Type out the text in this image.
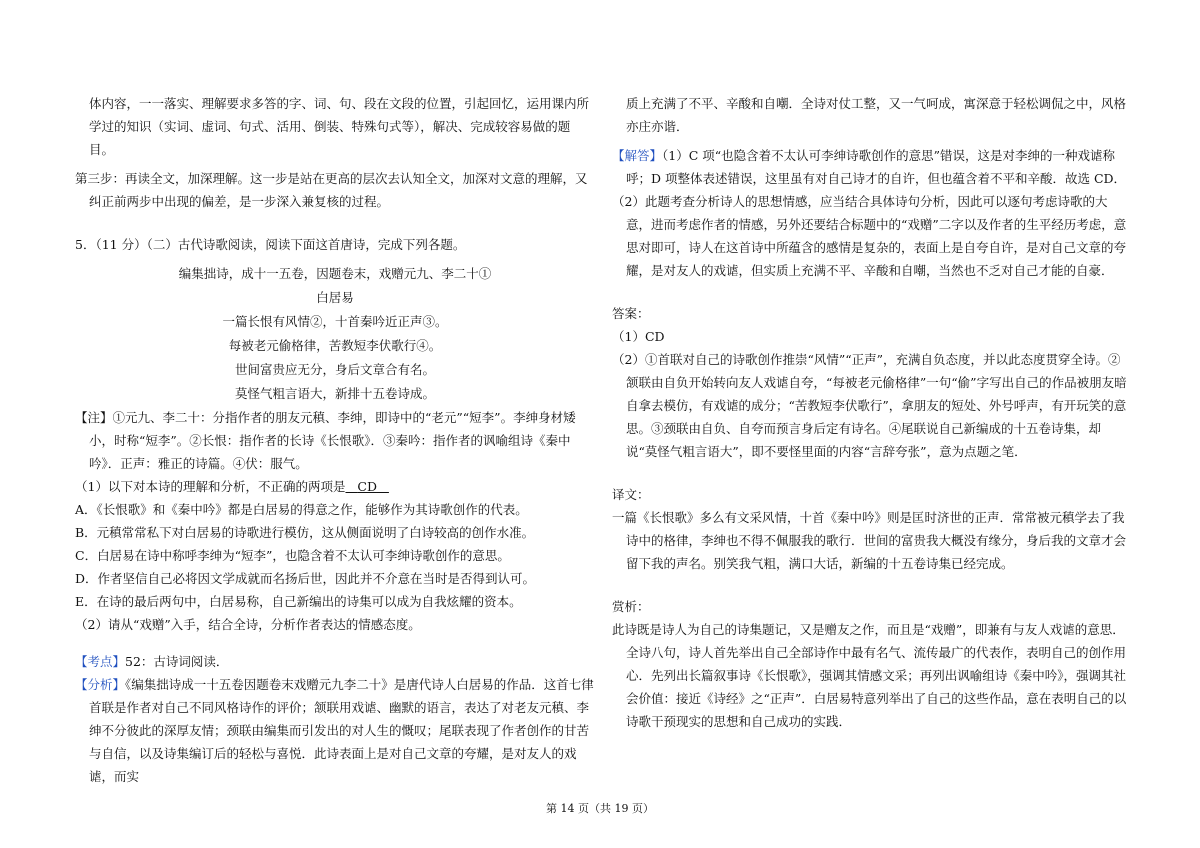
体内容，一一落实、理解要求多答的字、词、句、段在文段的位置，引起回忆，运用课内所学过的知识（实词、虚词、句式、活用、倒装、特殊句式等），解决、完成较容易做的题目。

第三步：再读全文，加深理解。这一步是站在更高的层次去认知全文，加深对文意的理解，又纠正前两步中出现的偏差，是一步深入兼复核的过程。

5．（11 分）（二）古代诗歌阅读，阅读下面这首唐诗，完成下列各题。

编集拙诗，成十一五卷，因题卷末，戏赠元九、李二十①
白居易
一篇长恨有风情②，十首秦吟近正声③。
每被老元偷格律，苦教短李伏歌行④。
世间富贵应无分，身后文章合有名。
莫怪气粗言语大，新排十五卷诗成。

【注】①元九、李二十：分指作者的朋友元稹、李绅，即诗中的“老元”“短李”。李绅身材矮小，时称“短李”。②长恨：指作者的长诗《长恨歌》．③秦吟：指作者的讽喻组诗《秦中吟》．正声：雅正的诗篇。④伏：服气。

（1）以下对本诗的理解和分析，不正确的两项是 CD

A．《长恨歌》和《秦中吟》都是白居易的得意之作，能够作为其诗歌创作的代表。

B．元稹常常私下对白居易的诗歌进行模仿，这从侧面说明了白诗较高的创作水准。

C．白居易在诗中称呼李绅为“短李”，也隐含着不太认可李绅诗歌创作的意思。

D．作者坚信自己必将因文学成就而名扬后世，因此并不介意在当时是否得到认可。

E．在诗的最后两句中，白居易称，自己新编出的诗集可以成为自我炫耀的资本。

（2）请从“戏赠”入手，结合全诗，分析作者表达的情感态度。

【考点】52：古诗词阅读．

【分析】《编集拙诗成一十五卷因题卷末戏赠元九李二十》是唐代诗人白居易的作品．这首七律首联是作者对自己不同风格诗作的评价；颔联用戏谑、幽默的语言，表达了对老友元稹、李绅不分彼此的深厚友情；颈联由编集而引发出的对人生的慨叹；尾联表现了作者创作的甘苦与自信，以及诗集编订后的轻松与喜悦．此诗表面上是对自己文章的夸耀，是对友人的戏谑，而实

质上充满了不平、辛酸和自嘲．全诗对仗工整，又一气呵成，寓深意于轻松调侃之中，风格亦庄亦谐．

【解答】（1）C 项“也隐含着不太认可李绅诗歌创作的意思”错误，这是对李绅的一种戏谑称呼；D 项整体表述错误，这里虽有对自己诗才的自许，但也蕴含着不平和辛酸．故选 CD．

（2）此题考查分析诗人的思想情感，应当结合具体诗句分析，因此可以逐句考虑诗歌的大意，进而考虑作者的情感，另外还要结合标题中的“戏赠”二字以及作者的生平经历考虑，意思对即可，诗人在这首诗中所蕴含的感情是复杂的，表面上是自夸自许，是对自己文章的夸耀，是对友人的戏谑，但实质上充满不平、辛酸和自嘲，当然也不乏对自己才能的自豪．

答案：

（1）CD

（2）①首联对自己的诗歌创作推崇“风情”“正声”，充满自负态度，并以此态度贯穿全诗。②颔联由自负开始转向友人戏谑自夸，“每被老元偷格律”一句“偷”字写出自己的作品被朋友暗自拿去模仿，有戏谑的成分；“苦教短李伏歌行”，拿朋友的短处、外号呼声，有开玩笑的意思。③颈联由自负、自夸而预言身后定有诗名。④尾联说自己新编成的十五卷诗集，却说“莫怪气粗言语大”，即不要怪里面的内容“言辞夸张”，意为点题之笔．

译文：

一篇《长恨歌》多么有文采风情，十首《秦中吟》则是匡时济世的正声．常常被元稹学去了我诗中的格律，李绅也不得不佩服我的歌行．世间的富贵我大概没有缘分，身后我的文章才会留下我的声名。别笑我气粗，满口大话，新编的十五卷诗集已经完成。

赏析：

此诗既是诗人为自己的诗集题记，又是赠友之作，而且是“戏赠”，即兼有与友人戏谑的意思．全诗八句，诗人首先举出自己全部诗作中最有名气、流传最广的代表作，表明自己的创作用心．先列出长篇叙事诗《长恨歌》，强调其情感文采；再列出讽喻组诗《秦中吟》，强调其社会价值：接近《诗经》之“正声”．白居易特意列举出了自己的这些作品，意在表明自己的以诗歌干预现实的思想和自己成功的实践．

第 14 页（共 19 页）
